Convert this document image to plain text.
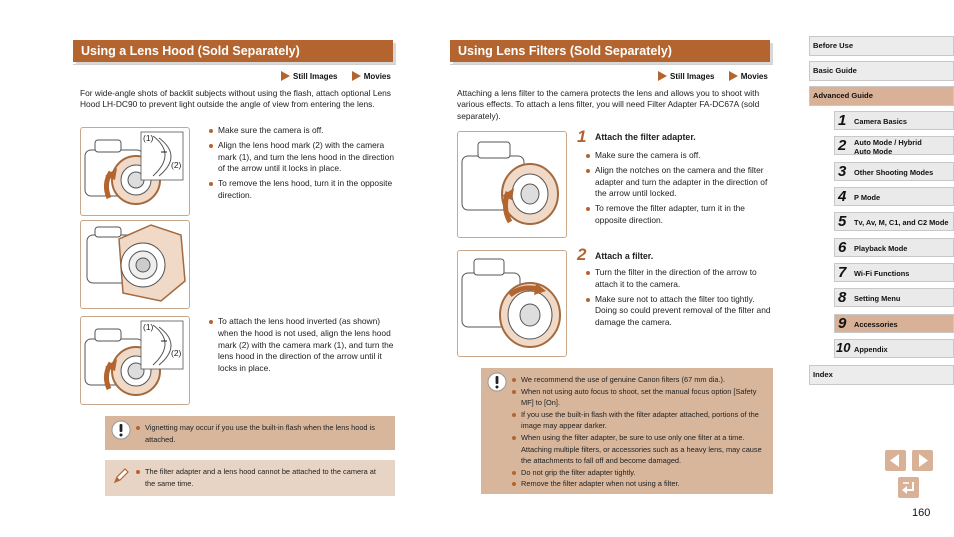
Using a Lens Hood (Sold Separately)
Still Images	Movies
For wide-angle shots of backlit subjects without using the flash, attach optional Lens Hood LH-DC90 to prevent light outside the angle of view from entering the lens.
(1)
(2)
Make sure the camera is off.
Align the lens hood mark (2) with the camera mark (1), and turn the lens hood in the direction of the arrow until it locks in place.
To remove the lens hood, turn it in the opposite direction.
(1)
(2)
To attach the lens hood inverted (as shown) when the hood is not used, align the lens hood mark (2) with the camera mark (1), and turn the lens hood in the direction of the arrow until it locks in place.
Vignetting may occur if you use the built-in flash when the lens hood is attached.
The filter adapter and a lens hood cannot be attached to the camera at the same time.
Using Lens Filters (Sold Separately)
Still Images	Movies
Attaching a lens filter to the camera protects the lens and allows you to shoot with various effects. To attach a lens filter, you will need Filter Adapter FA-DC67A (sold separately).
1 Attach the filter adapter.
Make sure the camera is off.
Align the notches on the camera and the filter adapter and turn the adapter in the direction of the arrow until locked.
To remove the filter adapter, turn it in the opposite direction.
2 Attach a filter.
Turn the filter in the direction of the arrow to attach it to the camera.
Make sure not to attach the filter too tightly. Doing so could prevent removal of the filter and damage the camera.
We recommend the use of genuine Canon filters (67 mm dia.).
When not using auto focus to shoot, set the manual focus option [Safety MF] to [On].
If you use the built-in flash with the filter adapter attached, portions of the image may appear darker.
When using the filter adapter, be sure to use only one filter at a time. Attaching multiple filters, or accessories such as a heavy lens, may cause the attachments to fall off and become damaged.
Do not grip the filter adapter tightly.
Remove the filter adapter when not using a filter.
Before Use
Basic Guide
Advanced Guide
1 Camera Basics
2 Auto Mode / Hybrid Auto Mode
3 Other Shooting Modes
4 P Mode
5 Tv, Av, M, C1, and C2 Mode
6 Playback Mode
7 Wi-Fi Functions
8 Setting Menu
9 Accessories
10 Appendix
Index
160
